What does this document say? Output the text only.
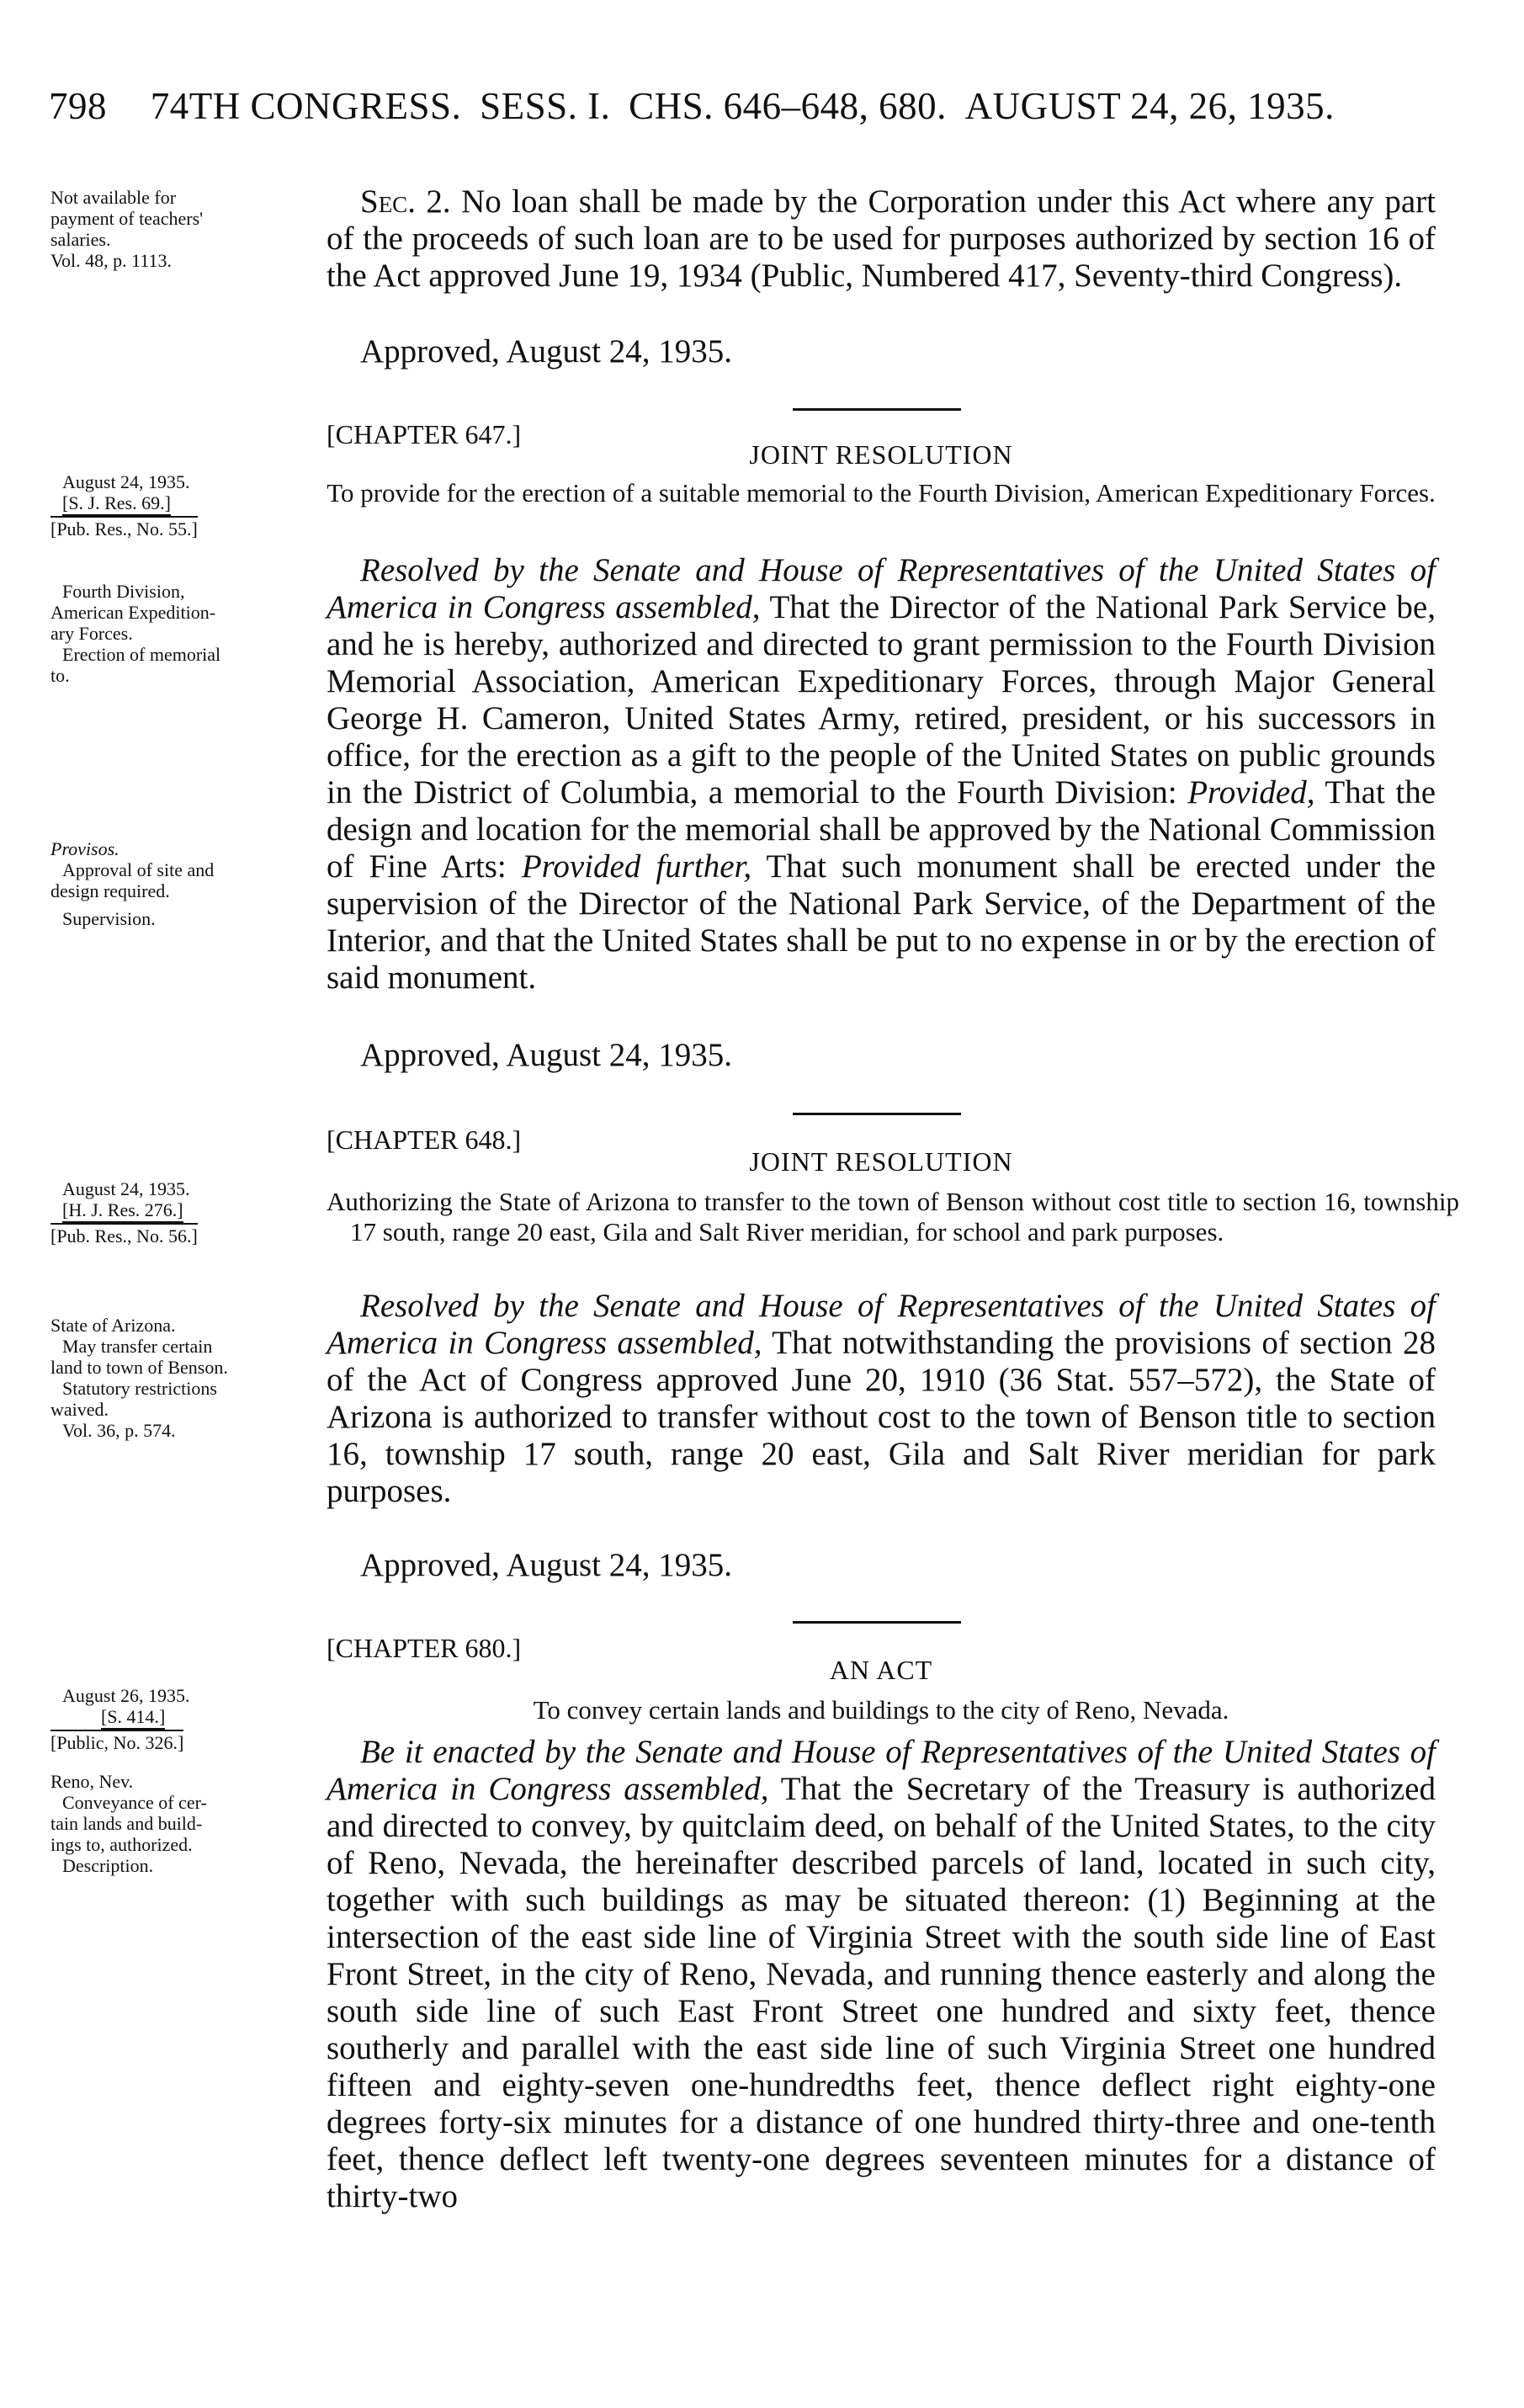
798 74TH CONGRESS. SESS. I. CHS. 646–648, 680. AUGUST 24, 26, 1935.
Not available for
payment of teachers'
salaries.
Vol. 48, p. 1113.

Sec. 2. No loan shall be made by the Corporation under this Act where any part of the proceeds of such loan are to be used for purposes authorized by section 16 of the Act approved June 19, 1934 (Public, Numbered 417, Seventy-third Congress).

Approved, August 24, 1935.
[CHAPTER 647.]
JOINT RESOLUTION
To provide for the erection of a suitable memorial to the Fourth Division, American Expeditionary Forces.
August 24, 1935.
[S. J. Res. 69.]
[Pub. Res., No. 55.]
Fourth Division,
American Expedition-
ary Forces.
Erection of memorial
to.
Provisos.
Approval of site and
design required.
Supervision.

Resolved by the Senate and House of Representatives of the United States of America in Congress assembled, That the Director of the National Park Service be, and he is hereby, authorized and directed to grant permission to the Fourth Division Memorial Association, American Expeditionary Forces, through Major General George H. Cameron, United States Army, retired, president, or his successors in office, for the erection as a gift to the people of the United States on public grounds in the District of Columbia, a memorial to the Fourth Division: Provided, That the design and location for the memorial shall be approved by the National Commission of Fine Arts: Provided further, That such monument shall be erected under the supervision of the Director of the National Park Service, of the Department of the Interior, and that the United States shall be put to no expense in or by the erection of said monument.

Approved, August 24, 1935.
[CHAPTER 648.]
JOINT RESOLUTION
Authorizing the State of Arizona to transfer to the town of Benson without cost title to section 16, township 17 south, range 20 east, Gila and Salt River meridian, for school and park purposes.
August 24, 1935.
[H. J. Res. 276.]
[Pub. Res., No. 56.]
State of Arizona.
May transfer certain
land to town of Benson.
Statutory restrictions
waived.
Vol. 36, p. 574.

Resolved by the Senate and House of Representatives of the United States of America in Congress assembled, That notwithstanding the provisions of section 28 of the Act of Congress approved June 20, 1910 (36 Stat. 557–572), the State of Arizona is authorized to transfer without cost to the town of Benson title to section 16, township 17 south, range 20 east, Gila and Salt River meridian for park purposes.

Approved, August 24, 1935.
[CHAPTER 680.]
AN ACT
To convey certain lands and buildings to the city of Reno, Nevada.
August 26, 1935.
[S. 414.]
[Public, No. 326.]
Reno, Nev.
Conveyance of cer-
tain lands and build-
ings to, authorized.
Description.

Be it enacted by the Senate and House of Representatives of the United States of America in Congress assembled, That the Secretary of the Treasury is authorized and directed to convey, by quitclaim deed, on behalf of the United States, to the city of Reno, Nevada, the hereinafter described parcels of land, located in such city, together with such buildings as may be situated thereon: (1) Beginning at the intersection of the east side line of Virginia Street with the south side line of East Front Street, in the city of Reno, Nevada, and running thence easterly and along the south side line of such East Front Street one hundred and sixty feet, thence southerly and parallel with the east side line of such Virginia Street one hundred fifteen and eighty-seven one-hundredths feet, thence deflect right eighty-one degrees forty-six minutes for a distance of one hundred thirty-three and one-tenth feet, thence deflect left twenty-one degrees seventeen minutes for a distance of thirty-two
